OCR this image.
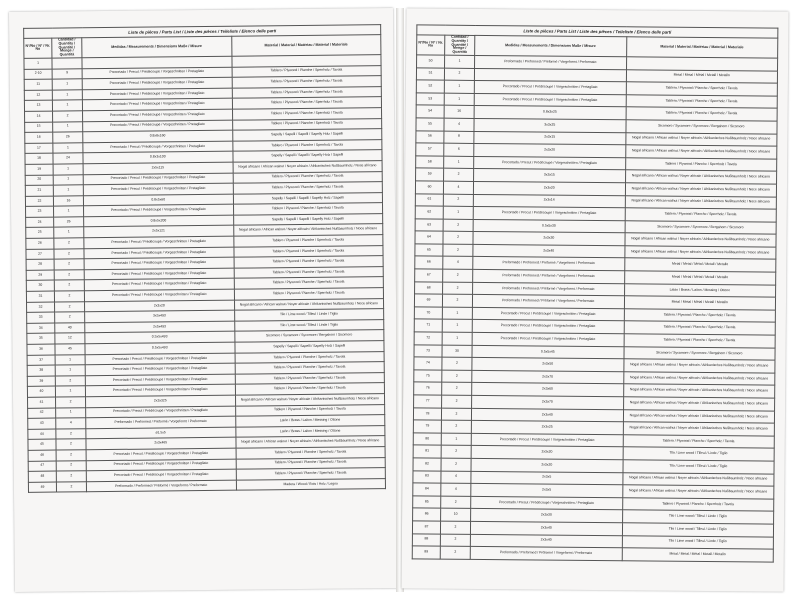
Liste de pièces / Parts List / Liste des pièces / Teileliste / Elenco delle parti			
N°/No / N° / Nr. No	Cantidad / Quantity / Quantité / Menge / Quantità	Medidas / Measurements / Dimensions Maße / Misure	Material / Material / Matériau / Material / Materiale
1			
2-10	9	Precortado / Precut / Prédécoupé / Vorgeschnitten / Pretagliato	Tablero / Plywood / Planche / Sperrholz / Tavola
11	1	Precortado / Precut / Prédécoupé / Vorgeschnitten / Pretagliato	Tablero / Plywood / Planche / Sperrholz / Tavola
12	1	Precortado / Precut / Prédécoupé / Vorgeschnitten / Pretagliato	Tablero / Plywood / Planche / Sperrholz / Tavola
13	1	Precortado / Precut / Prédécoupé / Vorgeschnitten / Pretagliato	Tablero / Plywood / Planche / Sperrholz / Tavola
14	2	Precortado / Precut / Prédécoupé / Vorgeschnitten / Pretagliato	Tablero / Plywood / Planche / Sperrholz / Tavola
15	1	Precortado / Precut / Prédécoupé / Vorgeschnitten / Pretagliato	Tablero / Plywood / Planche / Sperrholz / Tavola
16	26	0.8x8x160	Sapelly / Sapelli / Sapelli / Sapelly Holz / Sapelli
17	1	Precortado / Precut / Prédécoupé / Vorgeschnitten / Pretagliato	Tablero / Plywood / Planche / Sperrholz / Tavola
18	24	0.8x3x100	Sapelly / Sapelli / Sapelli / Sapelly Holz / Sapelli
19	1	2x5x115	Nogal africano / African walnut / Noyer africain / Afrikanisches Nußbaumholz / Noce africano
20	1	Precortado / Precut / Prédécoupé / Vorgeschnitten / Pretagliato	Tablero / Plywood / Planche / Sperrholz / Tavola
21	1	Precortado / Precut / Prédécoupé / Vorgeschnitten / Pretagliato	Tablero / Plywood / Planche / Sperrholz / Tavola
22	16	0.8x5x60	Sapelly / Sapelli / Sapelli / Sapelly Holz / Sapelli
23	1	Precortado / Precut / Prédécoupé / Vorgeschnitten / Pretagliato	Tablero / Plywood / Planche / Sperrholz / Tavola
24	26	0.8x5x200	Sapelly / Sapelli / Sapelli / Sapelly Holz / Sapelli
25	1	2x5x121	Nogal africano / African walnut / Noyer africain / Afrikanisches Nußbaumholz / Noce africano
26	2	Precortado / Precut / Prédécoupé / Vorgeschnitten / Pretagliato	Tablero / Plywood / Planche / Sperrholz / Tavola
27	2	Precortado / Precut / Prédécoupé / Vorgeschnitten / Pretagliato	Tablero / Plywood / Planche / Sperrholz / Tavola
28	2	Precortado / Precut / Prédécoupé / Vorgeschnitten / Pretagliato	Tablero / Plywood / Planche / Sperrholz / Tavola
29	2	Precortado / Precut / Prédécoupé / Vorgeschnitten / Pretagliato	Tablero / Plywood / Planche / Sperrholz / Tavola
30	2	Precortado / Precut / Prédécoupé / Vorgeschnitten / Pretagliato	Tablero / Plywood / Planche / Sperrholz / Tavola
31	2	Precortado / Precut / Prédécoupé / Vorgeschnitten / Pretagliato	Tablero / Plywood / Planche / Sperrholz / Tavola
32	2	2x3x20	Nogal africano / African walnut / Noyer africain / Afrikanisches Nußbaumholz / Noce africano
33	2	3x5x493	Tilo / Lime wood / Tilleul / Linde / Tiglio
34	40	2x5x493	Tilo / Lime wood / Tilleul / Linde / Tiglio
35	12	0.5x5x493	Sicomoro / Sycamore / Sycomore / Bergahorn / Sicomoro
36	45	0.5x5x493	Sapelly / Sapelli / Sapelli / Sapelly Holz / Sapelli
37	1	Precortado / Precut / Prédécoupé / Vorgeschnitten / Pretagliato	Tablero / Plywood / Planche / Sperrholz / Tavola
38	1	Precortado / Precut / Prédécoupé / Vorgeschnitten / Pretagliato	Tablero / Plywood / Planche / Sperrholz / Tavola
39	2	Precortado / Precut / Prédécoupé / Vorgeschnitten / Pretagliato	Tablero / Plywood / Planche / Sperrholz / Tavola
40	1	Precortado / Precut / Prédécoupé / Vorgeschnitten / Pretagliato	Tablero / Plywood / Planche / Sperrholz / Tavola
41	2	2x3x325	Nogal africano / African walnut / Noyer africain / Afrikanisches Nußbaumholz / Noce africano
42	1	Precortado / Precut / Prédécoupé / Vorgeschnitten / Pretagliato	Tablero / Plywood / Planche / Sperrholz / Tavola
43	4	Preformado / Preformed / Préformé / Vorgeformt / Preformato	Latón / Brass / Laiton / Messing / Ottone
44	2	ø1.5x5	Latón / Brass / Laiton / Messing / Ottone
45	2	2x3x465	Nogal africano / African walnut / Noyer africain / Afrikanisches Nußbaumholz / Noce africano
46	2	Precortado / Precut / Prédécoupé / Vorgeschnitten / Pretagliato	Tablero / Plywood / Planche / Sperrholz / Tavola
47	2	Precortado / Precut / Prédécoupé / Vorgeschnitten / Pretagliato	Tablero / Plywood / Planche / Sperrholz / Tavola
48	2	Precortado / Precut / Prédécoupé / Vorgeschnitten / Pretagliato	Tablero / Plywood / Planche / Sperrholz / Tavola
49	2	Preformado / Preformed / Préformé / Vorgeformt / Preformato	Madera / Wood / Bois / Holz / Legno
Liste de pièces / Parts List / Liste des pièces / Teileliste / Elenco delle parti			
N°/No / N° / Nr. No	Cantidad / Quantity / Quantité / Menge / Quantità	Medidas / Measurements / Dimensions Maße / Misure	Material / Material / Matériau / Material / Materiale
50	1	Preformado / Preformed / Préformé / Vorgeformt / Preformato	
51	2		Metal / Metal / Métal / Metall / Metallo
52	1	Precortado / Precut / Prédécoupé / Vorgeschnitten / Pretagliato	Tablero / Plywood / Planche / Sperrholz / Tavola
53	1	Precortado / Precut / Prédécoupé / Vorgeschnitten / Pretagliato	Tablero / Plywood / Planche / Sperrholz / Tavola
54	16	0.8x3x25	Tablero / Plywood / Planche / Sperrholz / Tavola
55	4	3x3x25	Sicomoro / Sycamore / Sycomore / Bergahorn / Sicomoro
56	8	2x3x15	Nogal africano / African walnut / Noyer africain / Afrikanisches Nußbaumholz / Noce africano
57	6	2x3x20	Nogal africano / African walnut / Noyer africain / Afrikanisches Nußbaumholz / Noce africano
58	1	Precortado / Precut / Prédécoupé / Vorgeschnitten / Pretagliato	Tablero / Plywood / Planche / Sperrholz / Tavola
59	2	3x3x15	Nogal africano / African walnut / Noyer africain / Afrikanisches Nußbaumholz / Noce africano
60	4	2x3x20	Nogal africano / African walnut / Noyer africain / Afrikanisches Nußbaumholz / Noce africano
61	2	2x3x14	Nogal africano / African walnut / Noyer africain / Afrikanisches Nußbaumholz / Noce africano
62	1	Precortado / Precut / Prédécoupé / Vorgeschnitten / Pretagliato	Tablero / Plywood / Planche / Sperrholz / Tavola
63	2	0.5x5x30	Sicomoro / Sycamore / Sycomore / Bergahorn / Sicomoro
64	2	2x3x30	Nogal africano / African walnut / Noyer africain / Afrikanisches Nußbaumholz / Noce africano
65	2	2x3x40	Nogal africano / African walnut / Noyer africain / Afrikanisches Nußbaumholz / Noce africano
66	4	Preformado / Preformed / Préformé / Vorgeformt / Preformato	Metal / Metal / Métal / Metall / Metallo
67	2	Preformado / Preformed / Préformé / Vorgeformt / Preformato	Metal / Metal / Métal / Metall / Metallo
68	2	Preformado / Preformed / Préformé / Vorgeformt / Preformato	Latón / Brass / Laiton / Messing / Ottone
69	2	Preformado / Preformed / Préformé / Vorgeformt / Preformato	Metal / Metal / Métal / Metall / Metallo
70	1	Precortado / Precut / Prédécoupé / Vorgeschnitten / Pretagliato	Tablero / Plywood / Planche / Sperrholz / Tavola
71	1	Precortado / Precut / Prédécoupé / Vorgeschnitten / Pretagliato	Tablero / Plywood / Planche / Sperrholz / Tavola
72	1	Precortado / Precut / Prédécoupé / Vorgeschnitten / Pretagliato	Tablero / Plywood / Planche / Sperrholz / Tavola
73	30	0.5x5x45	Sicomoro / Sycamore / Sycomore / Bergahorn / Sicomoro
74	2	2x3x50	Nogal africano / African walnut / Noyer africain / Afrikanisches Nußbaumholz / Noce africano
75	2	2x3x70	Nogal africano / African walnut / Noyer africain / Afrikanisches Nußbaumholz / Noce africano
76	2	2x3x60	Nogal africano / African walnut / Noyer africain / Afrikanisches Nußbaumholz / Noce africano
77	2	2x3x70	Nogal africano / African walnut / Noyer africain / Afrikanisches Nußbaumholz / Noce africano
78	2	2x3x40	Nogal africano / African walnut / Noyer africain / Afrikanisches Nußbaumholz / Noce africano
79	2	2x3x25	Nogal africano / African walnut / Noyer africain / Afrikanisches Nußbaumholz / Noce africano
80	1	Precortado / Precut / Prédécoupé / Vorgeschnitten / Pretagliato	Tablero / Plywood / Planche / Sperrholz / Tavola
81	2	2x3x20	Tilo / Lime wood / Tilleul / Linde / Tiglio
82	2	2x3x20	Tilo / Lime wood / Tilleul / Linde / Tiglio
83	4	2x3x5	Nogal africano / African walnut / Noyer africain / Afrikanisches Nußbaumholz / Noce africano
84	4	2x3x5	Nogal africano / African walnut / Noyer africain / Afrikanisches Nußbaumholz / Noce africano
85	2	Precortado / Precut / Prédécoupé / Vorgeschnitten / Pretagliato	Tablero / Plywood / Planche / Sperrholz / Tavola
86	10	2x3x30	Tilo / Lime wood / Tilleul / Linde / Tiglio
87	2	2x3x40	Tilo / Lime wood / Tilleul / Linde / Tiglio
88	2	2x3x40	Tilo / Lime wood / Tilleul / Linde / Tiglio
89	2	Preformado / Preformed / Préformé / Vorgeformt / Preformato	Metal / Metal / Métal / Metall / Metallo
